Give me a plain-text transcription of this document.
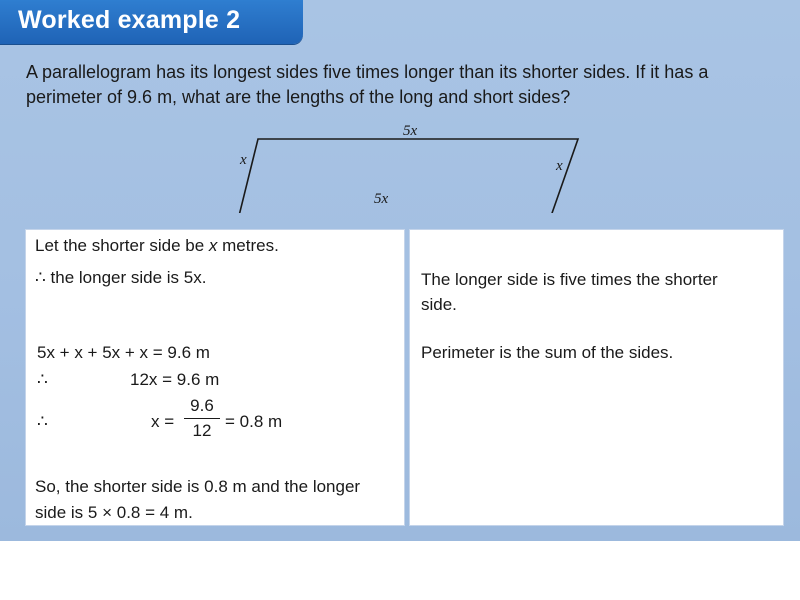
Worked example 2
A parallelogram has its longest sides five times longer than its shorter sides. If it has a
perimeter of 9.6 m, what are the lengths of the long and short sides?
5x
5x
x	x
Let the shorter side be x metres.
∴ the longer side is 5x.
5x + x + 5x + x = 9.6 m
∴	12x = 9.6 m
∴	x =
9.6
12 = 0.8 m
So, the shorter side is 0.8 m and the longer
side is 5 × 0.8 = 4 m.
The longer side is five times the shorter
side.
Perimeter is the sum of the sides.
